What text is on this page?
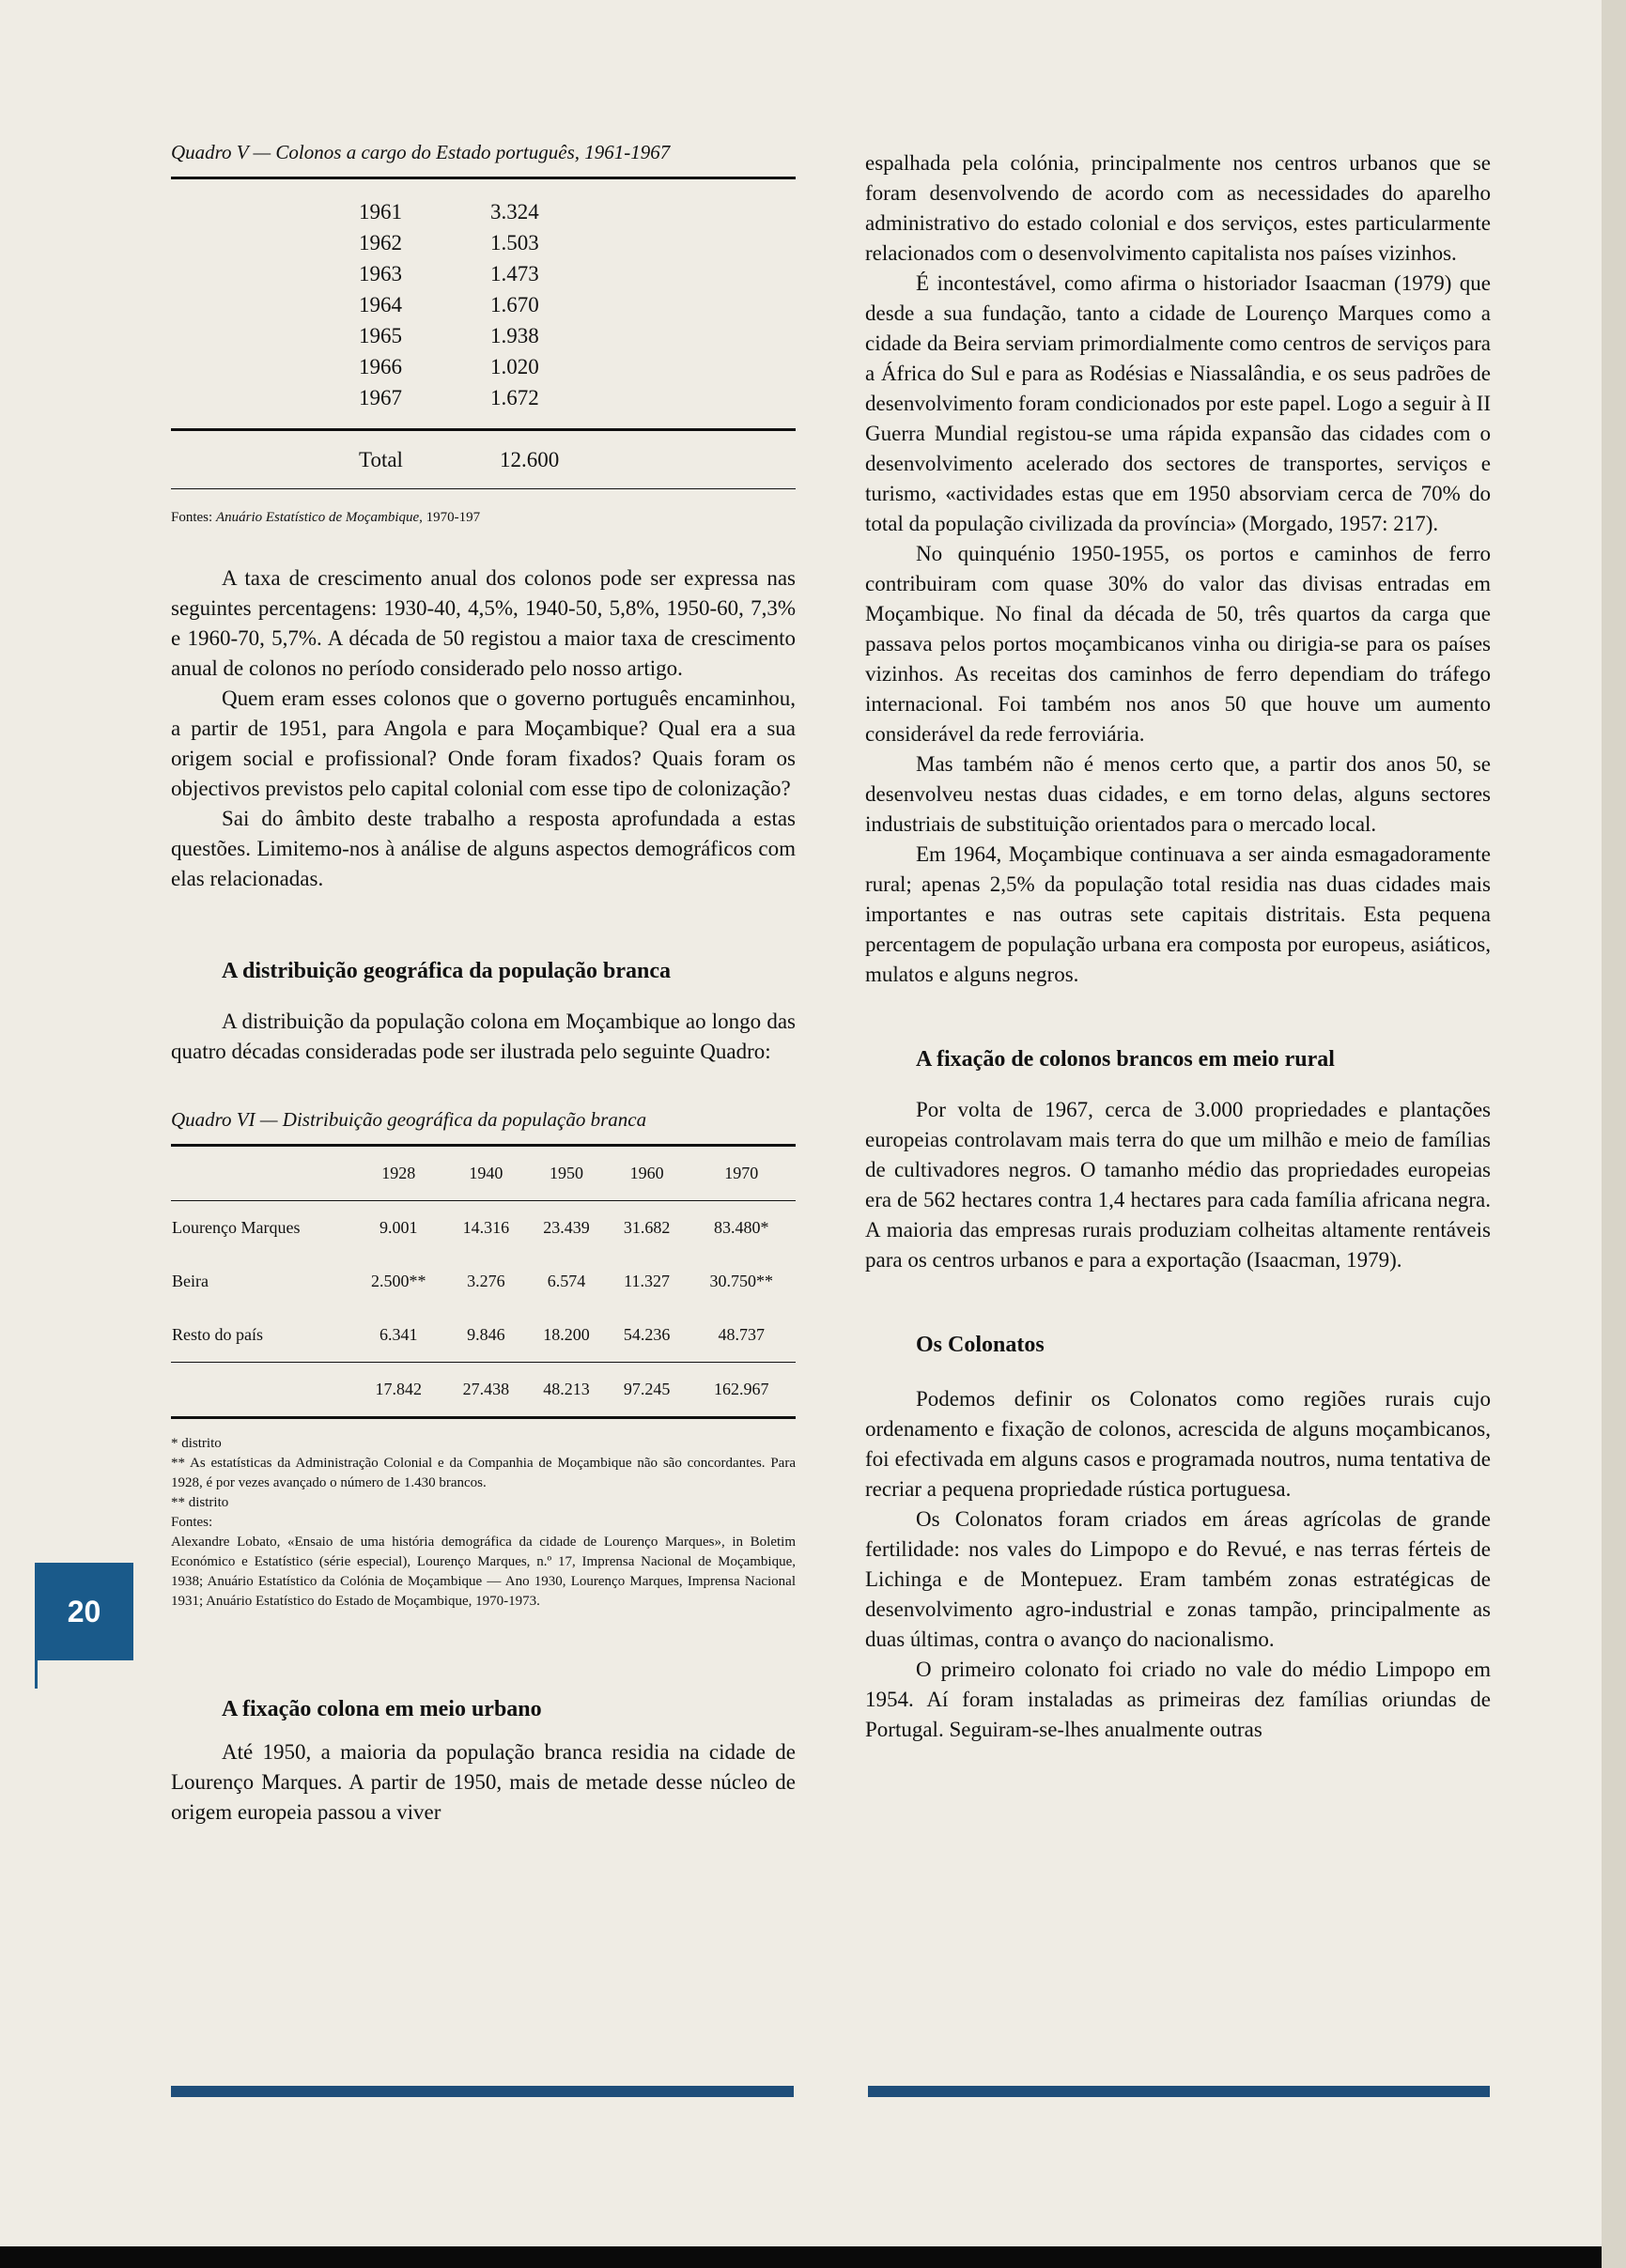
Quadro V — Colonos a cargo do Estado português, 1961-1967

1961	3.324
1962	1.503
1963	1.473
1964	1.670
1965	1.938
1966	1.020
1967	1.672
Total	12.600
Fontes: Anuário Estatístico de Moçambique, 1970-197

A taxa de crescimento anual dos colonos pode ser expressa nas seguintes percentagens: 1930-40, 4,5%, 1940-50, 5,8%, 1950-60, 7,3% e 1960-70, 5,7%. A década de 50 registou a maior taxa de crescimento anual de colonos no período considerado pelo nosso artigo.

Quem eram esses colonos que o governo português encaminhou, a partir de 1951, para Angola e para Moçambique? Qual era a sua origem social e profissional? Onde foram fixados? Quais foram os objectivos previstos pelo capital colonial com esse tipo de colonização?

Sai do âmbito deste trabalho a resposta aprofundada a estas questões. Limitemo-nos à análise de alguns aspectos demográficos com elas relacionadas.

A distribuição geográfica da população branca

A distribuição da população colona em Moçambique ao longo das quatro décadas consideradas pode ser ilustrada pelo seguinte Quadro:

Quadro VI — Distribuição geográfica da população branca

	1928	1940	1950	1960	1970
Lourenço Marques	9.001	14.316	23.439	31.682	83.480*
Beira	2.500**	3.276	6.574	11.327	30.750**
Resto do país	6.341	9.846	18.200	54.236	48.737
	17.842	27.438	48.213	97.245	162.967

* distrito

** As estatísticas da Administração Colonial e da Companhia de Moçambique não são concordantes. Para 1928, é por vezes avançado o número de 1.430 brancos.

** distrito

Fontes:

Alexandre Lobato, «Ensaio de uma história demográfica da cidade de Lourenço Marques», in Boletim Económico e Estatístico (série especial), Lourenço Marques, n.º 17, Imprensa Nacional de Moçambique, 1938; Anuário Estatístico da Colónia de Moçambique — Ano 1930, Lourenço Marques, Imprensa Nacional 1931; Anuário Estatístico do Estado de Moçambique, 1970-1973.

A fixação colona em meio urbano

Até 1950, a maioria da população branca residia na cidade de Lourenço Marques. A partir de 1950, mais de metade desse núcleo de origem europeia passou a viver

espalhada pela colónia, principalmente nos centros urbanos que se foram desenvolvendo de acordo com as necessidades do aparelho administrativo do estado colonial e dos serviços, estes particularmente relacionados com o desenvolvimento capitalista nos países vizinhos.

É incontestável, como afirma o historiador Isaacman (1979) que desde a sua fundação, tanto a cidade de Lourenço Marques como a cidade da Beira serviam primordialmente como centros de serviços para a África do Sul e para as Rodésias e Niassalândia, e os seus padrões de desenvolvimento foram condicionados por este papel. Logo a seguir à II Guerra Mundial registou-se uma rápida expansão das cidades com o desenvolvimento acelerado dos sectores de transportes, serviços e turismo, «actividades estas que em 1950 absorviam cerca de 70% do total da população civilizada da província» (Morgado, 1957: 217).

No quinquénio 1950-1955, os portos e caminhos de ferro contribuiram com quase 30% do valor das divisas entradas em Moçambique. No final da década de 50, três quartos da carga que passava pelos portos moçambicanos vinha ou dirigia-se para os países vizinhos. As receitas dos caminhos de ferro dependiam do tráfego internacional. Foi também nos anos 50 que houve um aumento considerável da rede ferroviária.

Mas também não é menos certo que, a partir dos anos 50, se desenvolveu nestas duas cidades, e em torno delas, alguns sectores industriais de substituição orientados para o mercado local.

Em 1964, Moçambique continuava a ser ainda esmagadoramente rural; apenas 2,5% da população total residia nas duas cidades mais importantes e nas outras sete capitais distritais. Esta pequena percentagem de população urbana era composta por europeus, asiáticos, mulatos e alguns negros.

A fixação de colonos brancos em meio rural

Por volta de 1967, cerca de 3.000 propriedades e plantações europeias controlavam mais terra do que um milhão e meio de famílias de cultivadores negros. O tamanho médio das propriedades europeias era de 562 hectares contra 1,4 hectares para cada família africana negra. A maioria das empresas rurais produziam colheitas altamente rentáveis para os centros urbanos e para a exportação (Isaacman, 1979).

Os Colonatos

Podemos definir os Colonatos como regiões rurais cujo ordenamento e fixação de colonos, acrescida de alguns moçambicanos, foi efectivada em alguns casos e programada noutros, numa tentativa de recriar a pequena propriedade rústica portuguesa.

Os Colonatos foram criados em áreas agrícolas de grande fertilidade: nos vales do Limpopo e do Revué, e nas terras férteis de Lichinga e de Montepuez. Eram também zonas estratégicas de desenvolvimento agro-industrial e zonas tampão, principalmente as duas últimas, contra o avanço do nacionalismo.

O primeiro colonato foi criado no vale do médio Limpopo em 1954. Aí foram instaladas as primeiras dez famílias oriundas de Portugal. Seguiram-se-lhes anualmente outras

20
